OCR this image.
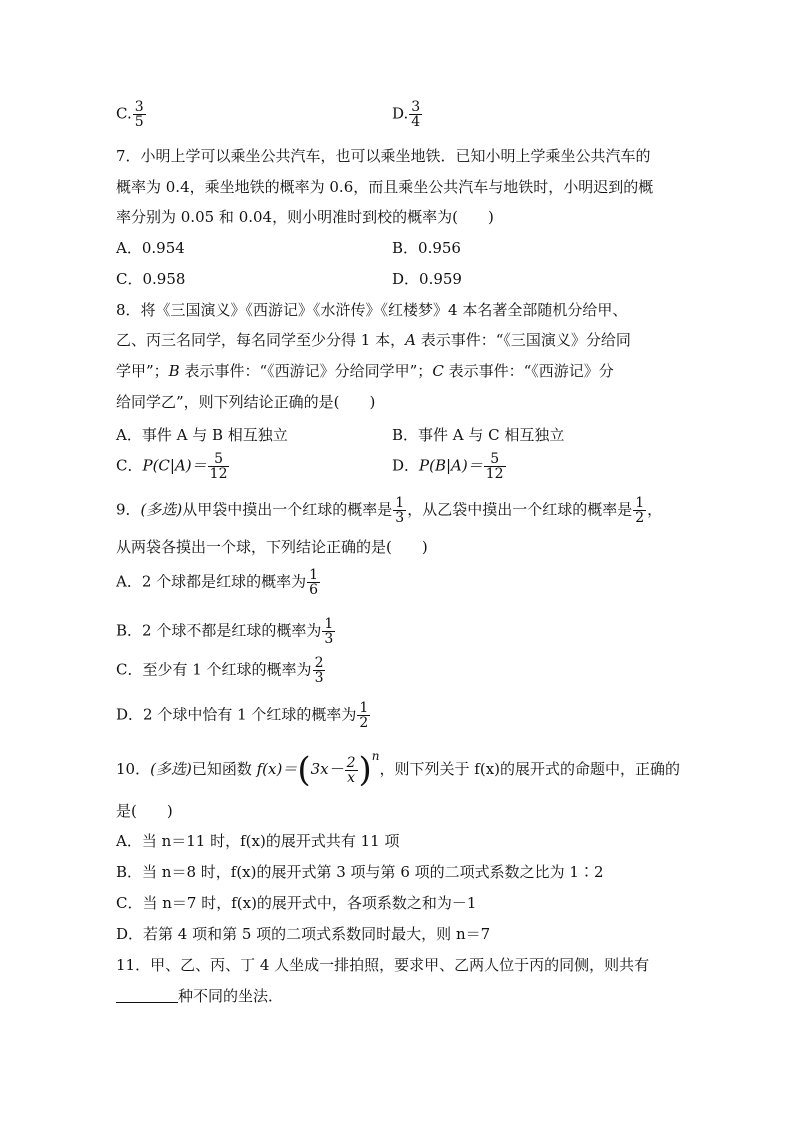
C. $\frac{3}{5}$	D. $\frac{3}{4}$
7．小明上学可以乘坐公共汽车，也可以乘坐地铁．已知小明上学乘坐公共汽车的
概率为 0.4，乘坐地铁的概率为 0.6，而且乘坐公共汽车与地铁时，小明迟到的概
率分别为 0.05 和 0.04，则小明准时到校的概率为(　　)
A．0.954	B．0.956
C．0.958	D．0.959
8．将《三国演义》《西游记》《水浒传》《红楼梦》4 本名著全部随机分给甲、
乙、丙三名同学，每名同学至少分得 1 本，A 表示事件：“《三国演义》分给同
学甲”；B 表示事件：“《西游记》分给同学甲”；C 表示事件：“《西游记》分
给同学乙”，则下列结论正确的是(　　)
A．事件 A 与 B 相互独立	B．事件 A 与 C 相互独立
C．$P(C|A)= \frac{5}{12}$	D．$P(B|A)= \frac{5}{12}$
9．(多选)从甲袋中摸出一个红球的概率是 $\frac{1}{3}$ ，从乙袋中摸出一个红球的概率是 $\frac{1}{2}$ ，
从两袋各摸出一个球，下列结论正确的是(　　)
A．2 个球都是红球的概率为 $\frac{1}{6}$
B．2 个球不都是红球的概率为 $\frac{1}{3}$
C．至少有 1 个红球的概率为 $\frac{2}{3}$
D．2 个球中恰有 1 个红球的概率为 $\frac{1}{2}$
10．(多选)已知函数 $f(x)=(3x- \frac{2}{x} )^n$，则下列关于 f(x)的展开式的命题中，正确的
是(　　)
A．当 n＝11 时，f(x)的展开式共有 11 项
B．当 n＝8 时，f(x)的展开式第 3 项与第 6 项的二项式系数之比为 1∶2
C．当 n＝7 时，f(x)的展开式中，各项系数之和为－1
D．若第 4 项和第 5 项的二项式系数同时最大，则 n＝7
11．甲、乙、丙、丁 4 人坐成一排拍照，要求甲、乙两人位于丙的同侧，则共有
种不同的坐法．
